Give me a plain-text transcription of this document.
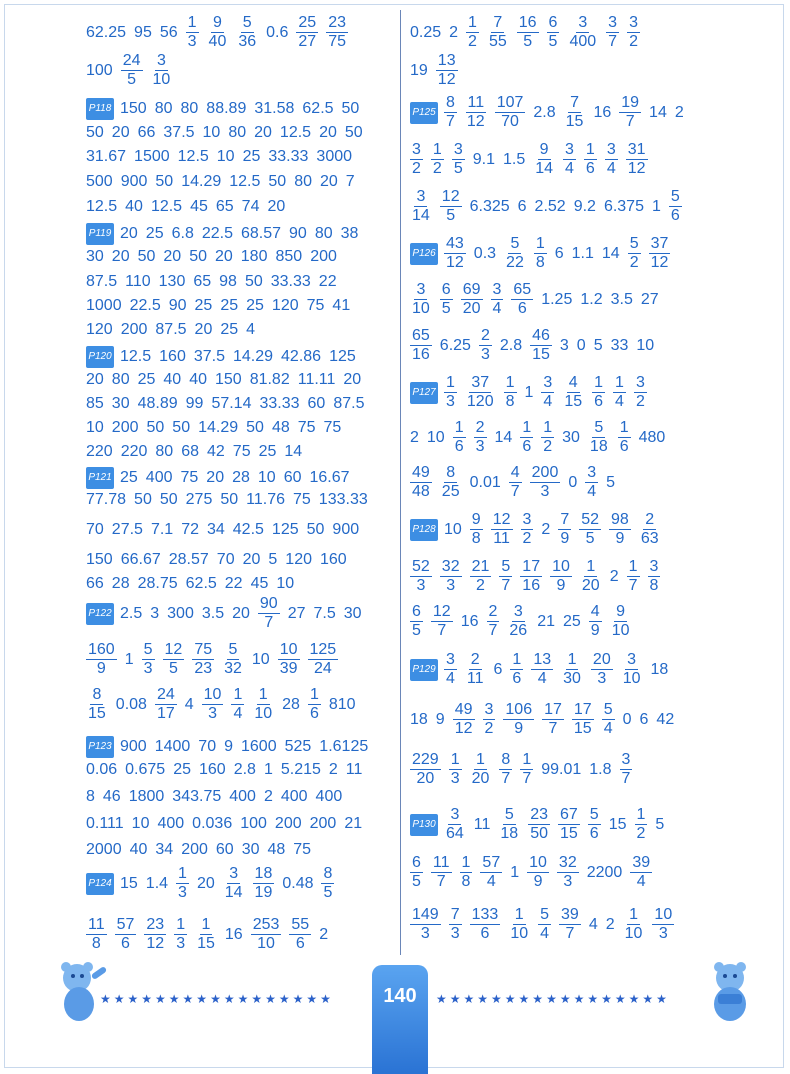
62.25 95 $56 \frac{1}{3} \frac{9}{40} \frac{5}{36} 0.6 \frac{25}{27} \frac{23}{75}$
$100 \frac{24}{5} \frac{3}{10}$
P118 150 80 80 88.89 31.58 62.5 50
50 20 66 37.5 10 80 20 12.5 20 50
31.67 1500 12.5 10 25 33.33 3000
500 900 50 14.29 12.5 50 80 20 7
12.5 40 12.5 45 65 74 20
P119 20 25 6.8 22.5 68.57 90 80 38
30 20 50 20 50 20 180 850 200
87.5 110 130 65 98 50 33.33 22
1000 22.5 90 25 25 25 120 75 41
120 200 87.5 20 25 4
P120 12.5 160 37.5 14.29 42.86 125
20 80 25 40 40 150 81.82 11.11 20
85 30 48.89 99 57.14 33.33 60 87.5
10 200 50 50 14.29 50 48 75 75
220 220 80 68 42 75 25 14
P121 25 400 75 20 28 10 60 16.67
77.78 50 50 275 50 11.76 75 133.33
70 27.5 7.1 72 34 42.5 125 50 900
150 66.67 28.57 70 20 5 120 160
66 28 28.75 62.5 22 45 10
P122 2.5 3 300 3.5 $20 \frac{90}{7} 27$ 7.5 30
$\frac{160}{9} 1 \frac{5}{3} \frac{12}{5} \frac{75}{23} \frac{5}{32} 10 \frac{10}{39} \frac{125}{24}$
$\frac{8}{15} 0.08 \frac{24}{17} 4 \frac{10}{3} \frac{1}{4} \frac{1}{10} 28 \frac{1}{6} 810$
P123 900 1400 70 9 1600 525 1.6125
0.06 0.675 25 160 2.8 1 5.215 2 11
8 46 1800 343.75 400 2 400 400
0.111 10 400 0.036 100 200 200 21
2000 40 34 200 60 30 48 75
P124 15 $1.4 \frac{1}{3} 20 \frac{3}{14} \frac{18}{19} 0.48 \frac{8}{5}$
$\frac{11}{8} \frac{57}{6} \frac{23}{12} \frac{1}{3} \frac{1}{15} 16 \frac{253}{10} \frac{55}{6} 2$
0.25 $2 \frac{1}{2} \frac{7}{55} \frac{16}{5} \frac{6}{5} \frac{3}{400} \frac{3}{7} \frac{3}{2}$
$19 \frac{13}{12}$
$P125 \frac{8}{7} \frac{11}{12} \frac{107}{70} 2.8 \frac{7}{15} 16 \frac{19}{7} 14$ 2
$\frac{3}{2} \frac{1}{2} \frac{3}{5} 9.1$ $1.5 \frac{9}{14} \frac{3}{4} \frac{1}{6} \frac{3}{4} \frac{31}{12}$
$\frac{3}{14} \frac{12}{5} 6.325$ 6 2.52 9.2 6.375 $1 \frac{5}{6}$
$P126 \frac{43}{12} 0.3 \frac{5}{22} \frac{1}{8} 6$ 1.1 $14 \frac{5}{2} \frac{37}{12}$
$\frac{3}{10} \frac{6}{5} \frac{69}{20} \frac{3}{4} \frac{65}{6} 1.25$ 1.2 3.5 27
$\frac{65}{16} 6.25 \frac{2}{3} 2.8 \frac{46}{15} 3$ 0 5 33 10
$P127 \frac{1}{3} \frac{37}{120} \frac{1}{8} 1 \frac{3}{4} \frac{4}{15} \frac{1}{6} \frac{1}{4} \frac{3}{2}$
2 $10 \frac{1}{6} \frac{2}{3} 14 \frac{1}{6} \frac{1}{2} 30 \frac{5}{18} \frac{1}{6} 480$
$\frac{49}{48} \frac{8}{25} 0.01 \frac{4}{7} \frac{200}{3} 0 \frac{3}{4} 5$
P128 $10 \frac{9}{8} \frac{12}{11} \frac{3}{2} 2 \frac{7}{9} \frac{52}{5} \frac{98}{9} \frac{2}{63}$
$\frac{52}{3} \frac{32}{3} \frac{21}{2} \frac{5}{7} \frac{17}{16} \frac{10}{9} \frac{1}{20} 2 \frac{1}{7} \frac{3}{8}$
$\frac{6}{5} \frac{12}{7} 16 \frac{2}{7} \frac{3}{26} 21$ $25 \frac{4}{9} \frac{9}{10}$
$P129 \frac{3}{4} \frac{2}{11} 6 \frac{1}{6} \frac{13}{4} \frac{1}{30} \frac{20}{3} \frac{3}{10} 18$
18 $9 \frac{49}{12} \frac{3}{2} \frac{106}{9} \frac{17}{7} \frac{17}{15} \frac{5}{4} 0$ 6 42
$\frac{229}{20} \frac{1}{3} \frac{1}{20} \frac{8}{7} \frac{1}{7} 99.01$ $1.8 \frac{3}{7}$
$P130 \frac{3}{64} 11 \frac{5}{18} \frac{23}{50} \frac{67}{15} \frac{5}{6} 15 \frac{1}{2} 5$
$\frac{6}{5} \frac{11}{7} \frac{1}{8} \frac{57}{4} 1 \frac{10}{9} \frac{32}{3} 2200 \frac{39}{4}$
$\frac{149}{3} \frac{7}{3} \frac{133}{6} \frac{1}{10} \frac{5}{4} \frac{39}{7} 4$ $2 \frac{1}{10} \frac{10}{3}$
★★★★★★★★★★★★★★★★★	★★★★★★★★★★★★★★★★★
140
